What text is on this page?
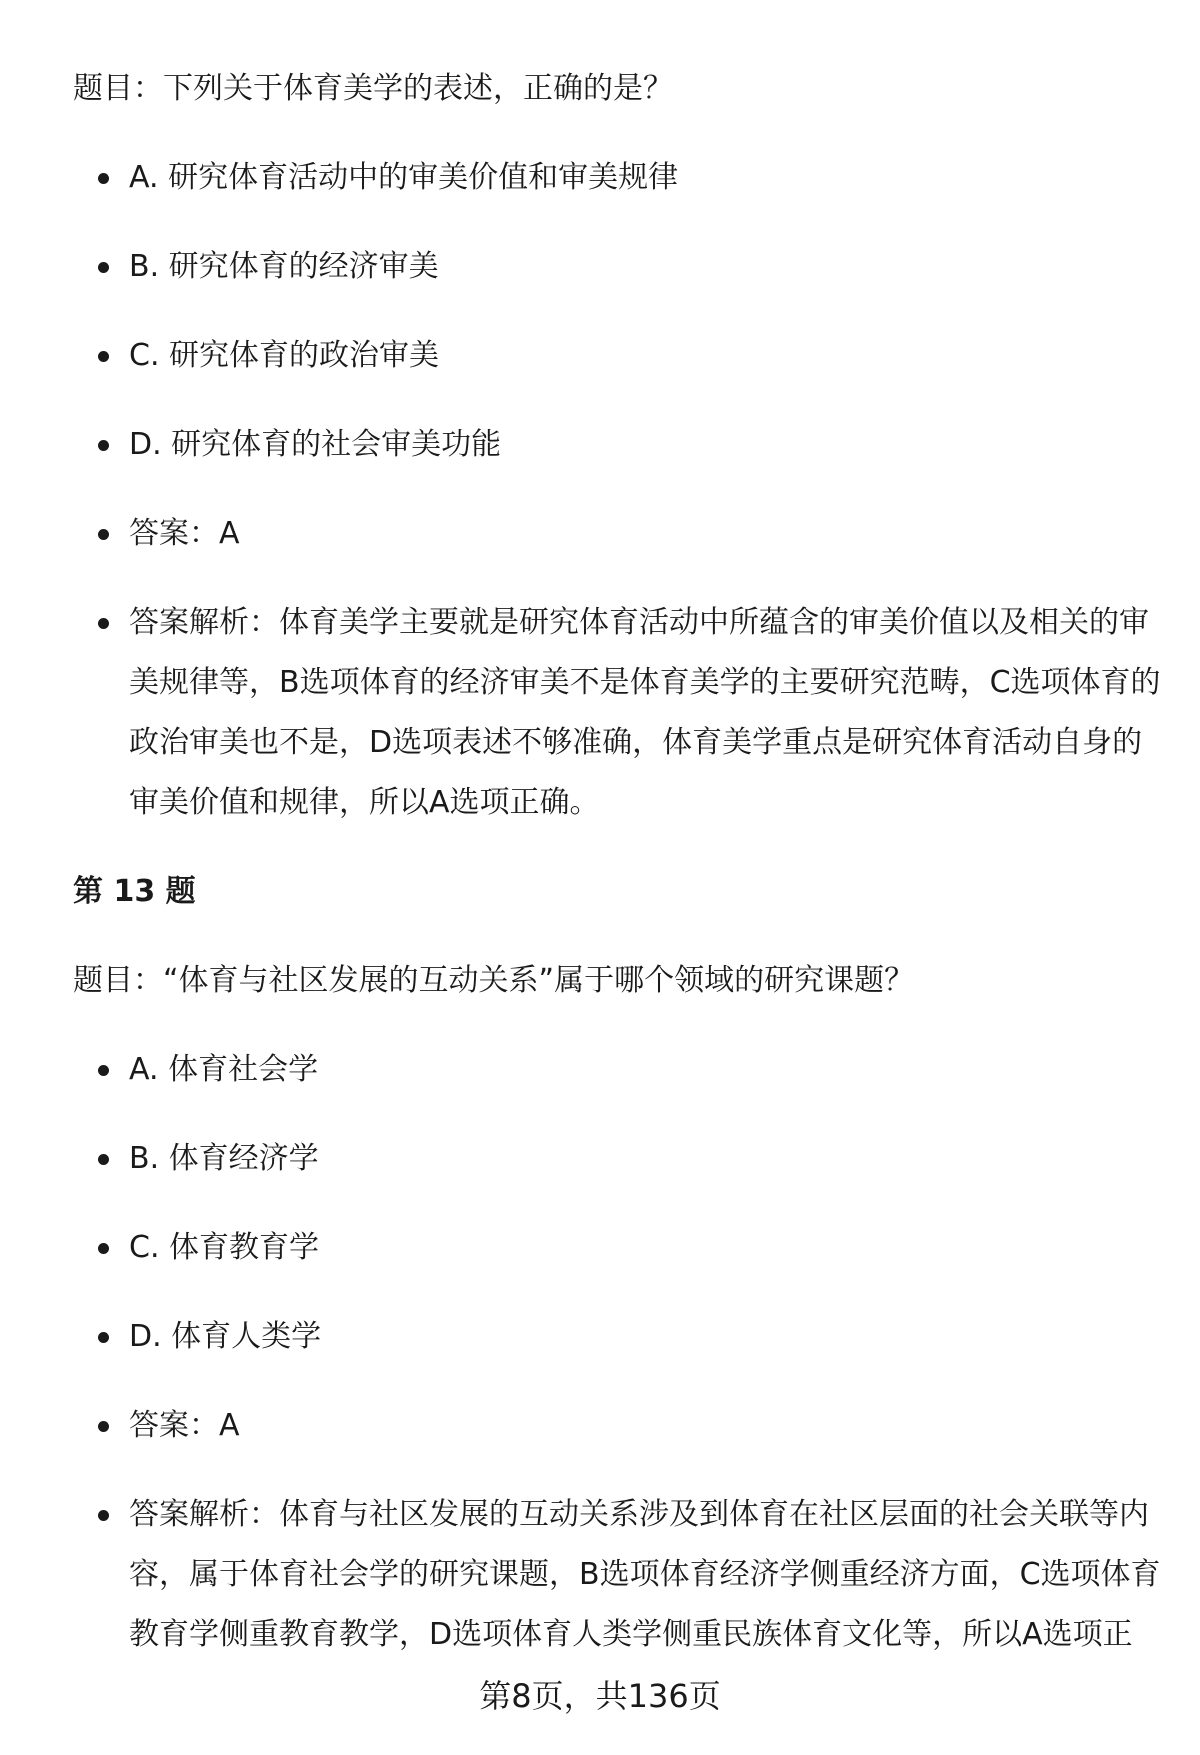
题目：下列关于体育美学的表述，正确的是？
A. 研究体育活动中的审美价值和审美规律
B. 研究体育的经济审美
C. 研究体育的政治审美
D. 研究体育的社会审美功能
答案：A
答案解析：体育美学主要就是研究体育活动中所蕴含的审美价值以及相关的审
美规律等，B选项体育的经济审美不是体育美学的主要研究范畴，C选项体育的
政治审美也不是，D选项表述不够准确，体育美学重点是研究体育活动自身的
审美价值和规律，所以A选项正确。
第 13 题
题目：“体育与社区发展的互动关系”属于哪个领域的研究课题？
A. 体育社会学
B. 体育经济学
C. 体育教育学
D. 体育人类学
答案：A
答案解析：体育与社区发展的互动关系涉及到体育在社区层面的社会关联等内
容，属于体育社会学的研究课题，B选项体育经济学侧重经济方面，C选项体育
教育学侧重教育教学，D选项体育人类学侧重民族体育文化等，所以A选项正
第8页，共136页
